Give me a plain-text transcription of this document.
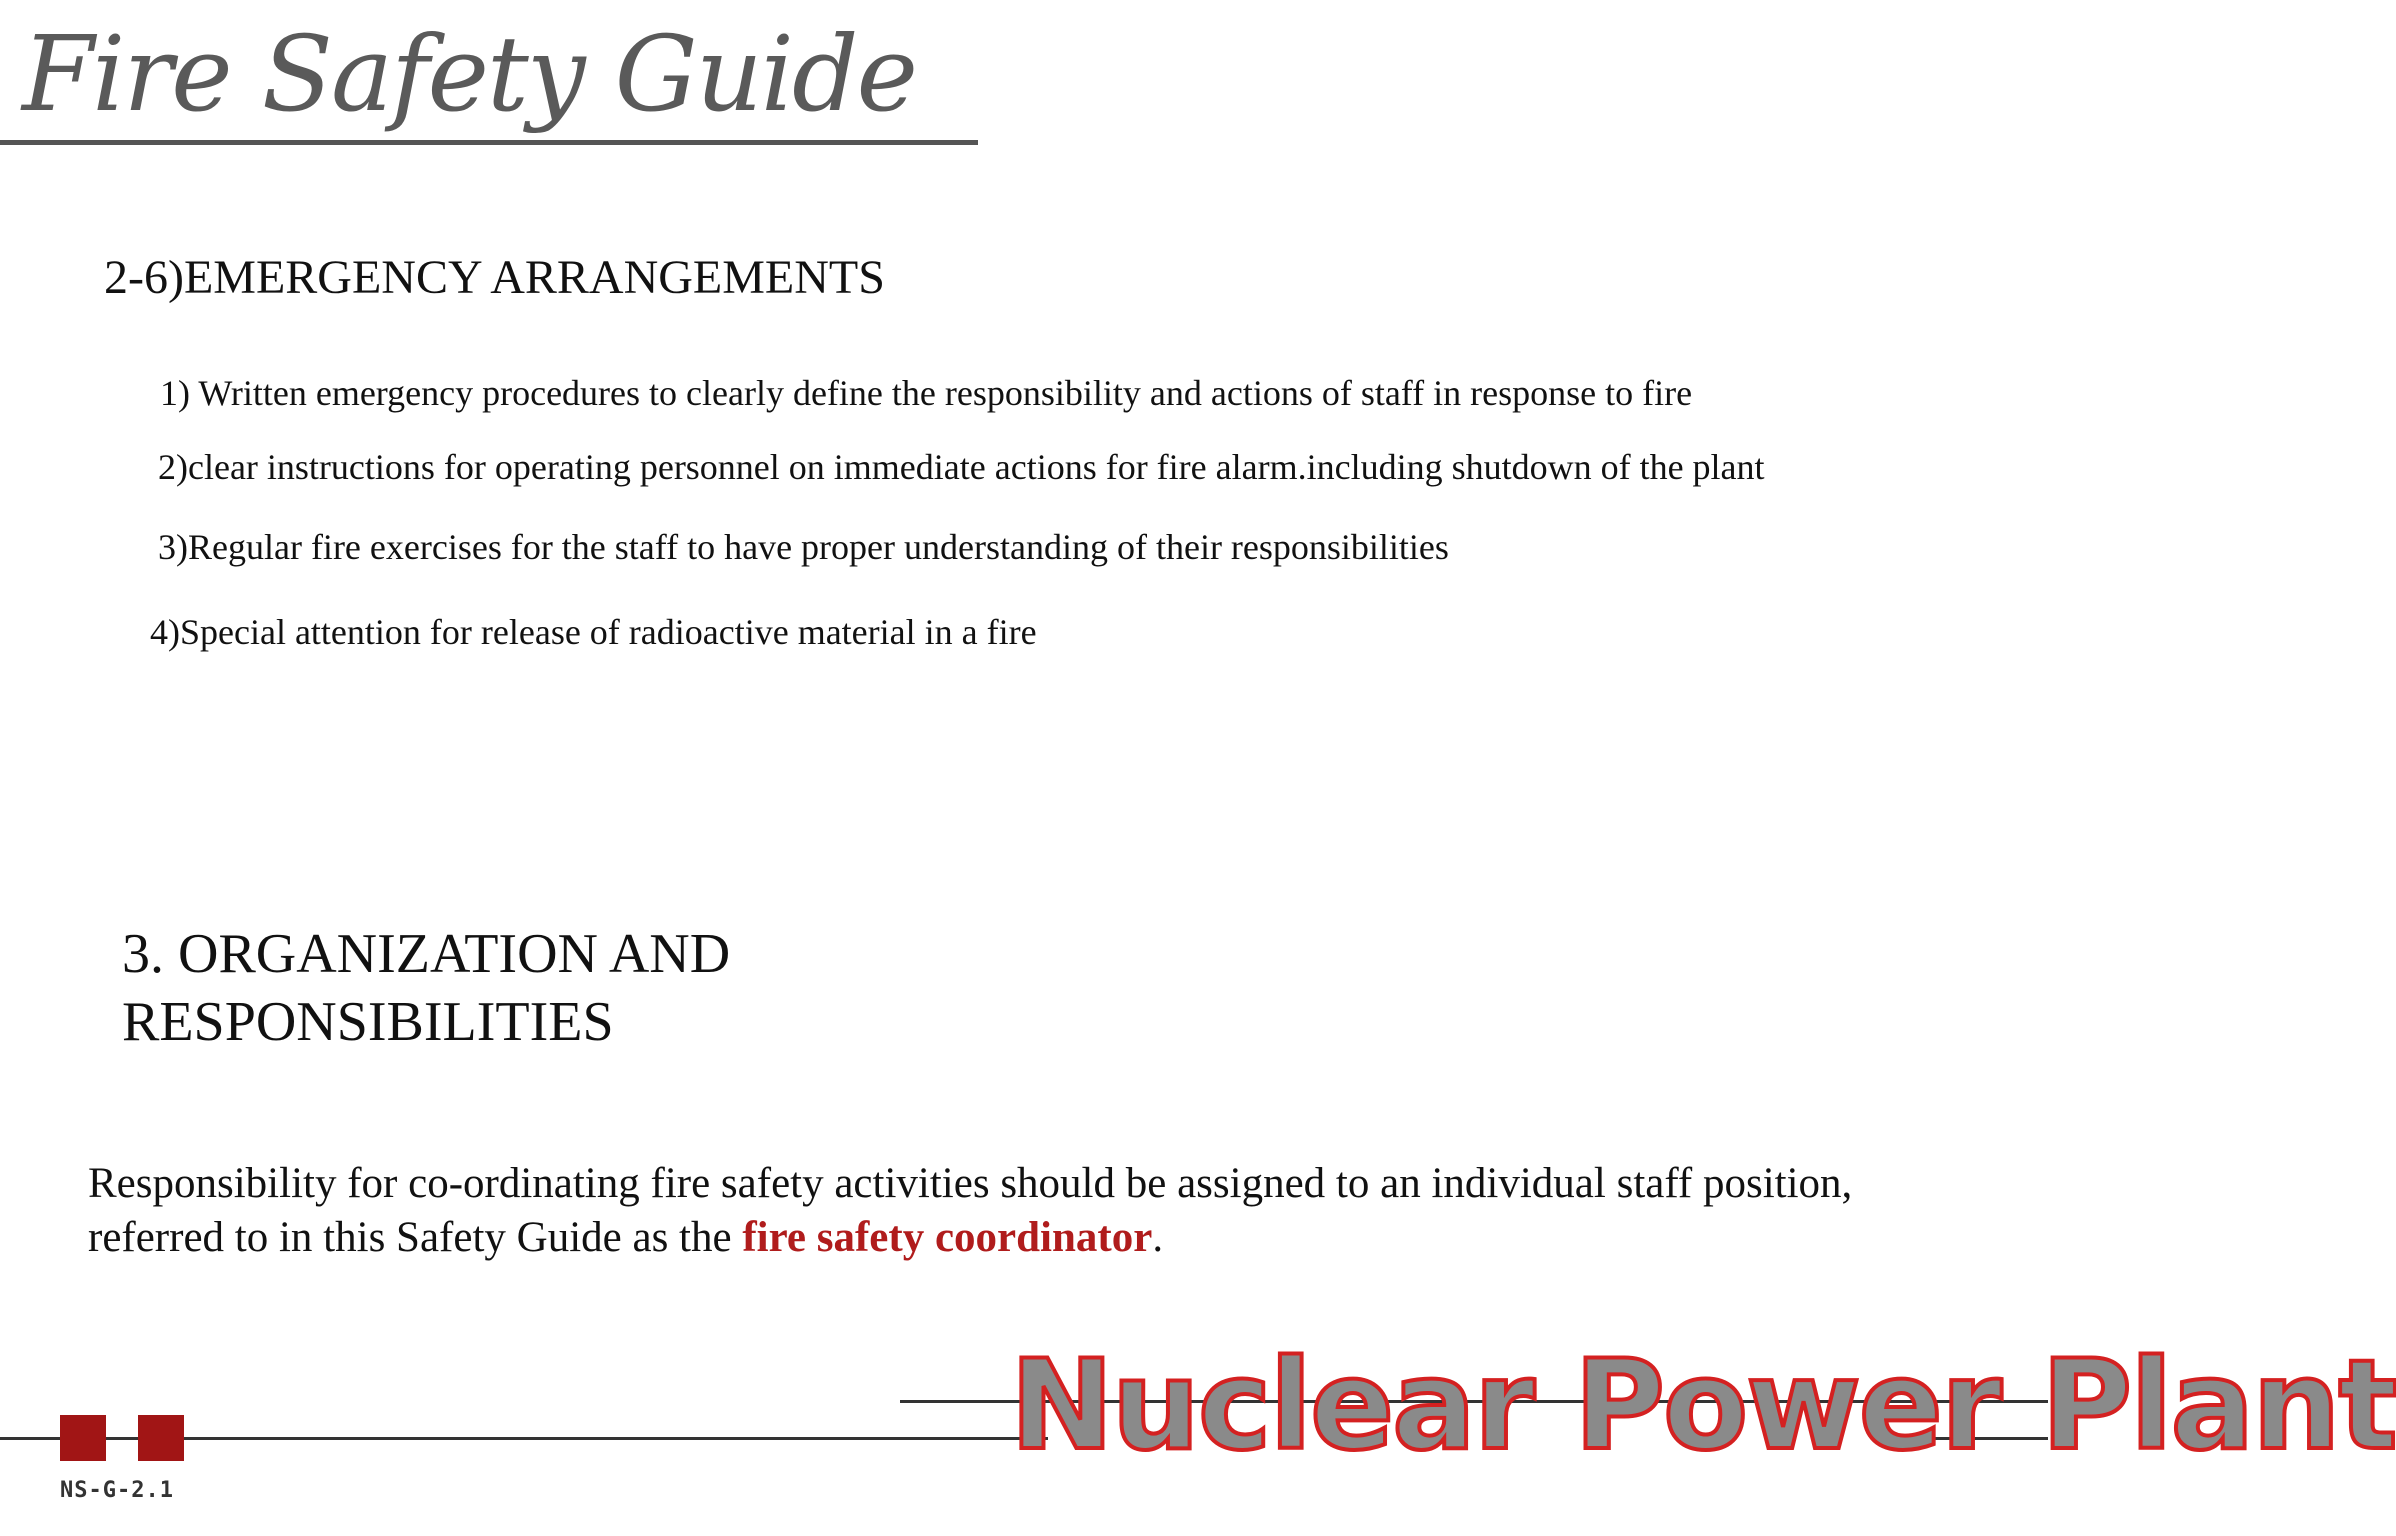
Fire Safety Guide
2-6)EMERGENCY ARRANGEMENTS
1) Written emergency procedures to clearly define the responsibility and actions of staff in response to fire
2)clear instructions for operating personnel on immediate actions for fire alarm.including shutdown of the plant
3)Regular fire exercises for the staff to have proper understanding of their responsibilities
4)Special attention for release of radioactive material in a fire
3. ORGANIZATION AND
RESPONSIBILITIES
Responsibility for co-ordinating fire safety activities should be assigned to an individual staff position, referred to in this Safety Guide as the fire safety coordinator.
NS-G-2.1
Nuclear Power Plant
